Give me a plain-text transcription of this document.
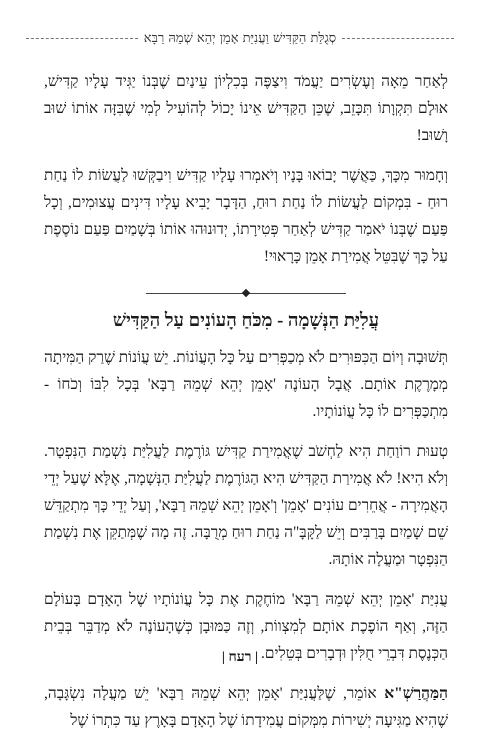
סְגֻלַּת הַקַּדִּישׁ וַעֲנִיַּת אָמֵן יְהֵא שְׁמֵהּ רַבָּא

לְאַחַר מֵאָה וְעֶשְׂרִים יַעֲמֹד וִיצַפֶּה בְּכִלְיוֹן עֵינַיִם שֶׁבְּנוֹ יַגִּיד עָלָיו קַדִּישׁ, אוּלָם תִּקְוָתוֹ תִּכָּזֵב, שֶׁכֵּן הַקַּדִּישׁ אֵינוֹ יָכוֹל לְהוֹעִיל לְמִי שֶׁבִּזָּה אוֹתוֹ שׁוּב וָשׁוּב!

וְחָמוּר מִכָּךְ, כַּאֲשֶׁר יָבוֹאוּ בָּנָיו וְיֹאמְרוּ עָלָיו קַדִּישׁ וִיבַקְּשׁוּ לַעֲשׂוֹת לוֹ נַחַת רוּחַ - בִּמְקוֹם לַעֲשׂוֹת לוֹ נַחַת רוּחַ, הַדָּבָר יָבִיא עָלָיו דִּינִים עֲצוּמִים, וְכָל פַּעַם שֶׁבְּנוֹ יֹאמַר קַדִּישׁ לְאַחַר פְּטִירָתוֹ, יְדוּנוּהוּ אוֹתוֹ בְּשָׁמַיִם פַּעַם נוֹסֶפֶת עַל כָּךְ שֶׁבִּטֵּל אֲמִירַת אָמֵן כָּרָאוּי!

עֲלִיַּת הַנְּשָׁמָה - מִכֹּחַ הָעוֹנִים עַל הַקַּדִּישׁ

תְּשׁוּבָה וְיוֹם הַכִּפּוּרִים לֹא מְכַפְּרִים עַל כָּל הָעֲוֹנוֹת. יֵשׁ עֲוֹנוֹת שֶׁרַק הַמִּיתָה מְמָרֶקֶת אוֹתָם. אֲבָל הָעוֹנֶה 'אָמֵן יְהֵא שְׁמֵהּ רַבָּא' בְּכָל לִבּוֹ וְכֹחוֹ - מִתְכַּפְּרִים לוֹ כָּל עֲוֹנוֹתָיו.

טְעוּת רוֹוַחַת הִיא לַחְשֹׁב שֶׁאֲמִירַת קַדִּישׁ גּוֹרֶמֶת לַעֲלִיַּת נִשְׁמַת הַנִּפְטָר. וְלֹא הִיא! לֹא אֲמִירַת הַקַּדִּישׁ הִיא הַגּוֹרֶמֶת לַעֲלִיַּת הַנְּשָׁמָה, אֶלָּא שֶׁעַל יְדֵי הָאֲמִירָה - אֲחֵרִים עוֹנִים 'אָמֵן' וְ'אָמֵן יְהֵא שְׁמֵהּ רַבָּא', וְעַל יְדֵי כָּךְ מִתְקַדֵּשׁ שֵׁם שָׁמַיִם בָּרַבִּים וְיֵשׁ לַקָּבָּ"ה נַחַת רוּחַ מְרֻבָּה. זֶה מָה שֶׁמְּתַקֵּן אֶת נִשְׁמַת הַנִּפְטָר וּמַעֲלָה אוֹתָהּ.

עֲנִיַּת 'אָמֵן יְהֵא שְׁמֵהּ רַבָּא' מוֹחֶקֶת אֶת כָּל עֲוֹנוֹתָיו שֶׁל הָאָדָם בָּעוֹלָם הַזֶּה, וְאַף הוֹפֶכֶת אוֹתָם לְמִצְווֹת, וְזֶה כַּמּוּבָן כְּשֶׁהָעוֹנֶה לֹא מְדַבֵּר בְּבֵית הַכְּנֶסֶת דִּבְרֵי חֻלִּין וּדְבָרִים בְּטֵלִים.

הַמַּהֲרַשְׁ"א אוֹמֵר, שֶׁלַּעֲנִיַּת 'אָמֵן יְהֵא שְׁמֵהּ רַבָּא' יֵשׁ מַעֲלָה נִשְׂגָּבָה, שֶׁהִיא מַגִּיעָה יְשִׁירוֹת מִמְּקוֹם עֲמִידָתוֹ שֶׁל הָאָדָם בָּאָרֶץ עַד כִּתְרוֹ שֶׁל

| רעח |
